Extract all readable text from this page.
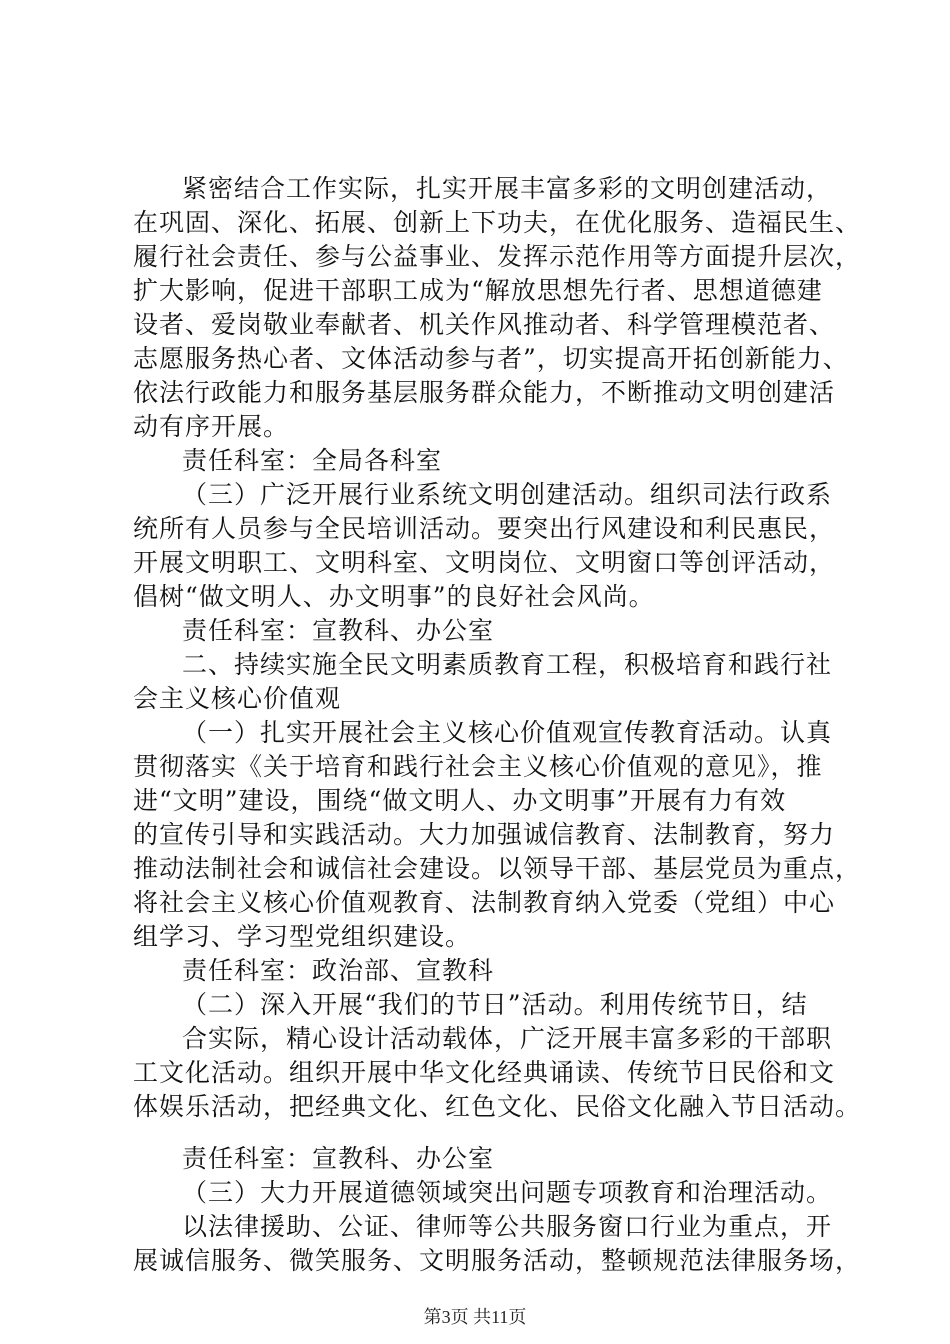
紧密结合工作实际，扎实开展丰富多彩的文明创建活动，
在巩固、深化、拓展、创新上下功夫，在优化服务、造福民生、
履行社会责任、参与公益事业、发挥示范作用等方面提升层次，
扩大影响，促进干部职工成为“解放思想先行者、思想道德建
设者、爱岗敬业奉献者、机关作风推动者、科学管理模范者、
志愿服务热心者、文体活动参与者”，切实提高开拓创新能力、
依法行政能力和服务基层服务群众能力，不断推动文明创建活
动有序开展。
责任科室：全局各科室
（三）广泛开展行业系统文明创建活动。组织司法行政系
统所有人员参与全民培训活动。要突出行风建设和利民惠民，
开展文明职工、文明科室、文明岗位、文明窗口等创评活动，
倡树“做文明人、办文明事”的良好社会风尚。
责任科室：宣教科、办公室
二、持续实施全民文明素质教育工程，积极培育和践行社
会主义核心价值观
（一）扎实开展社会主义核心价值观宣传教育活动。认真
贯彻落实《关于培育和践行社会主义核心价值观的意见》，推
进“文明”建设，围绕“做文明人、办文明事”开展有力有效
的宣传引导和实践活动。大力加强诚信教育、法制教育，努力
推动法制社会和诚信社会建设。以领导干部、基层党员为重点，
将社会主义核心价值观教育、法制教育纳入党委（党组）中心
组学习、学习型党组织建设。
责任科室：政治部、宣教科
（二）深入开展“我们的节日”活动。利用传统节日，结
合实际，精心设计活动载体，广泛开展丰富多彩的干部职
工文化活动。组织开展中华文化经典诵读、传统节日民俗和文
体娱乐活动，把经典文化、红色文化、民俗文化融入节日活动。
责任科室：宣教科、办公室
（三）大力开展道德领域突出问题专项教育和治理活动。
以法律援助、公证、律师等公共服务窗口行业为重点，开
展诚信服务、微笑服务、文明服务活动，整顿规范法律服务场，
第3页 共11页
